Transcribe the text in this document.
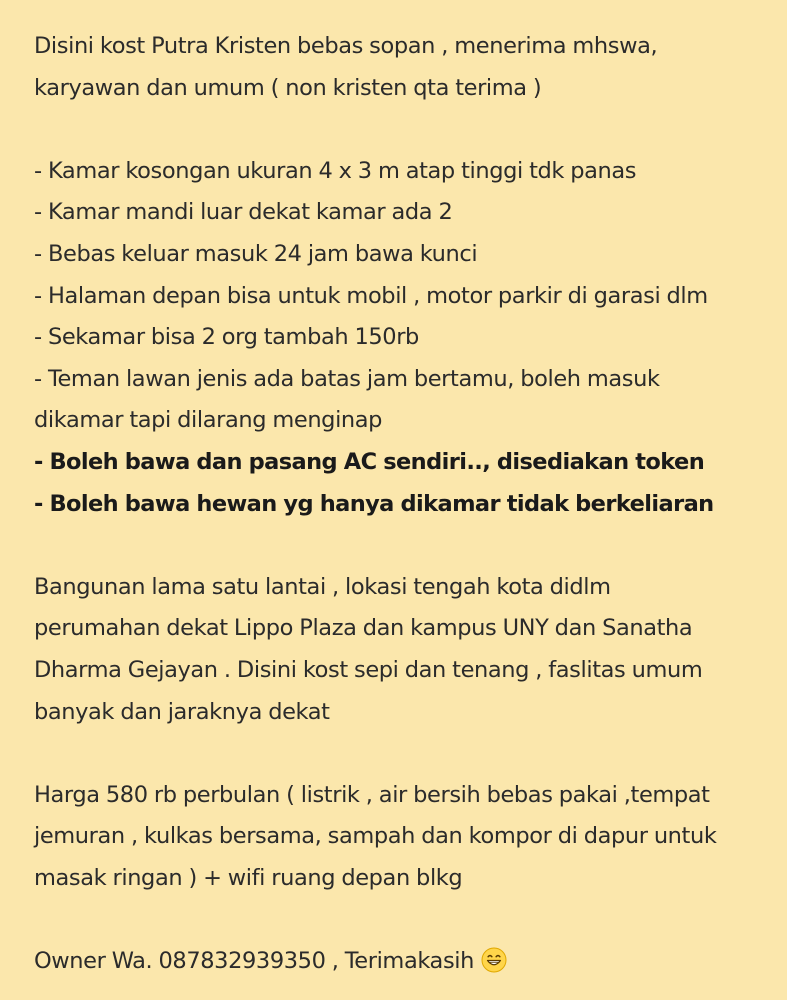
Disini kost Putra Kristen bebas sopan , menerima mhswa,
karyawan dan umum ( non kristen qta terima )
- Kamar kosongan ukuran 4 x 3 m atap tinggi tdk panas
- Kamar mandi luar dekat kamar ada 2
- Bebas keluar masuk 24 jam bawa kunci
- Halaman depan bisa untuk mobil , motor parkir di garasi dlm
- Sekamar bisa 2 org tambah 150rb
- Teman lawan jenis ada batas jam bertamu, boleh masuk
dikamar tapi dilarang menginap
- Boleh bawa dan pasang AC sendiri.., disediakan token
- Boleh bawa hewan yg hanya dikamar tidak berkeliaran
Bangunan lama satu lantai , lokasi tengah kota didlm
perumahan dekat Lippo Plaza dan kampus UNY dan Sanatha
Dharma Gejayan . Disini kost sepi dan tenang , faslitas umum
banyak dan jaraknya dekat
Harga 580 rb perbulan ( listrik , air bersih bebas pakai ,tempat
jemuran , kulkas bersama, sampah dan kompor di dapur untuk
masak ringan ) + wifi ruang depan blkg
Owner Wa. 087832939350 , Terimakasih
